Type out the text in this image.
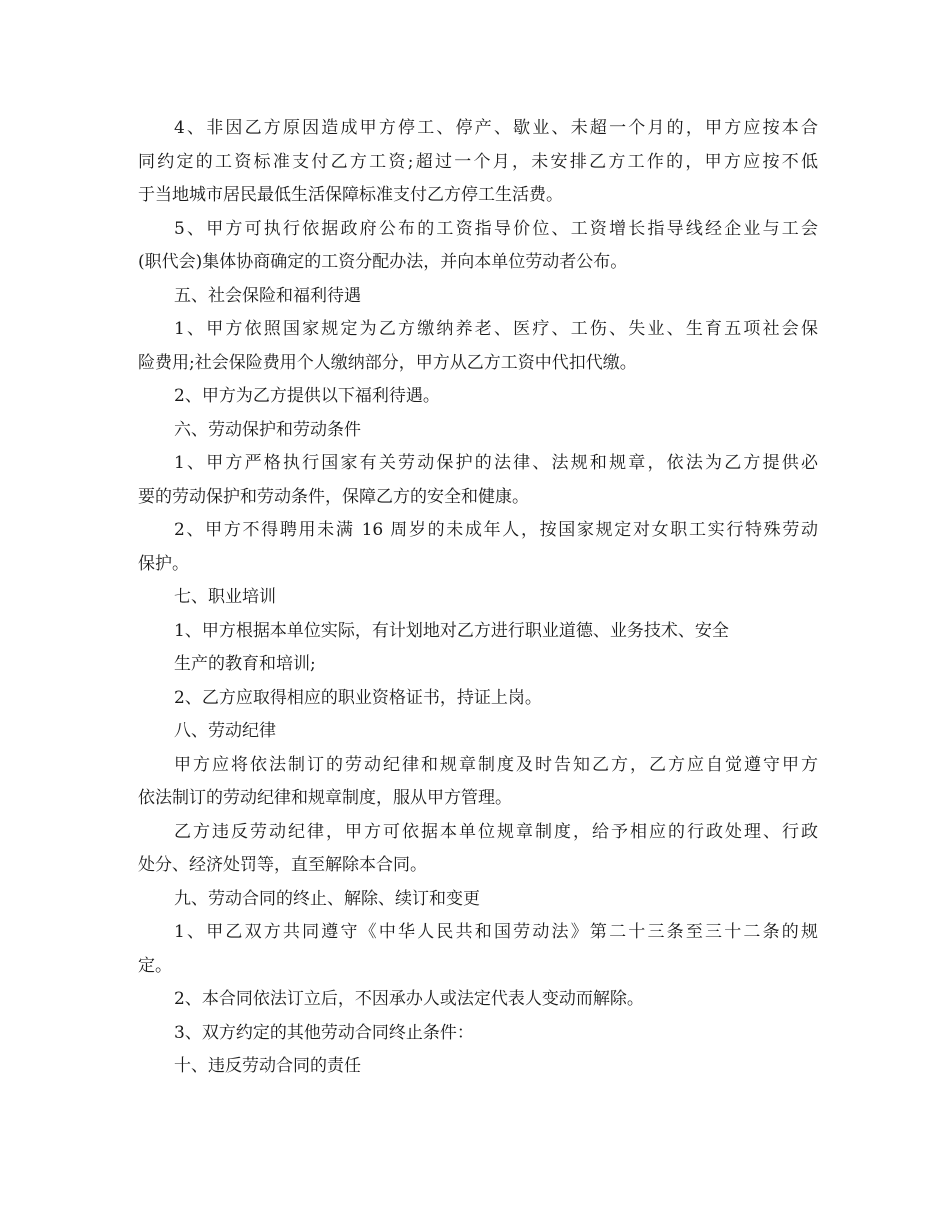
4、非因乙方原因造成甲方停工、停产、歇业、未超一个月的，甲方应按本合
同约定的工资标准支付乙方工资;超过一个月，未安排乙方工作的，甲方应按不低
于当地城市居民最低生活保障标准支付乙方停工生活费。
5、甲方可执行依据政府公布的工资指导价位、工资增长指导线经企业与工会
(职代会)集体协商确定的工资分配办法，并向本单位劳动者公布。
五、社会保险和福利待遇
1、甲方依照国家规定为乙方缴纳养老、医疗、工伤、失业、生育五项社会保
险费用;社会保险费用个人缴纳部分，甲方从乙方工资中代扣代缴。
2、甲方为乙方提供以下福利待遇。
六、劳动保护和劳动条件
1、甲方严格执行国家有关劳动保护的法律、法规和规章，依法为乙方提供必
要的劳动保护和劳动条件，保障乙方的安全和健康。
2、甲方不得聘用未满 16 周岁的未成年人，按国家规定对女职工实行特殊劳动
保护。
七、职业培训
1、甲方根据本单位实际，有计划地对乙方进行职业道德、业务技术、安全
生产的教育和培训;
2、乙方应取得相应的职业资格证书，持证上岗。
八、劳动纪律
甲方应将依法制订的劳动纪律和规章制度及时告知乙方，乙方应自觉遵守甲方
依法制订的劳动纪律和规章制度，服从甲方管理。
乙方违反劳动纪律，甲方可依据本单位规章制度，给予相应的行政处理、行政
处分、经济处罚等，直至解除本合同。
九、劳动合同的终止、解除、续订和变更
1、甲乙双方共同遵守《中华人民共和国劳动法》第二十三条至三十二条的规
定。
2、本合同依法订立后，不因承办人或法定代表人变动而解除。
3、双方约定的其他劳动合同终止条件：
十、违反劳动合同的责任
